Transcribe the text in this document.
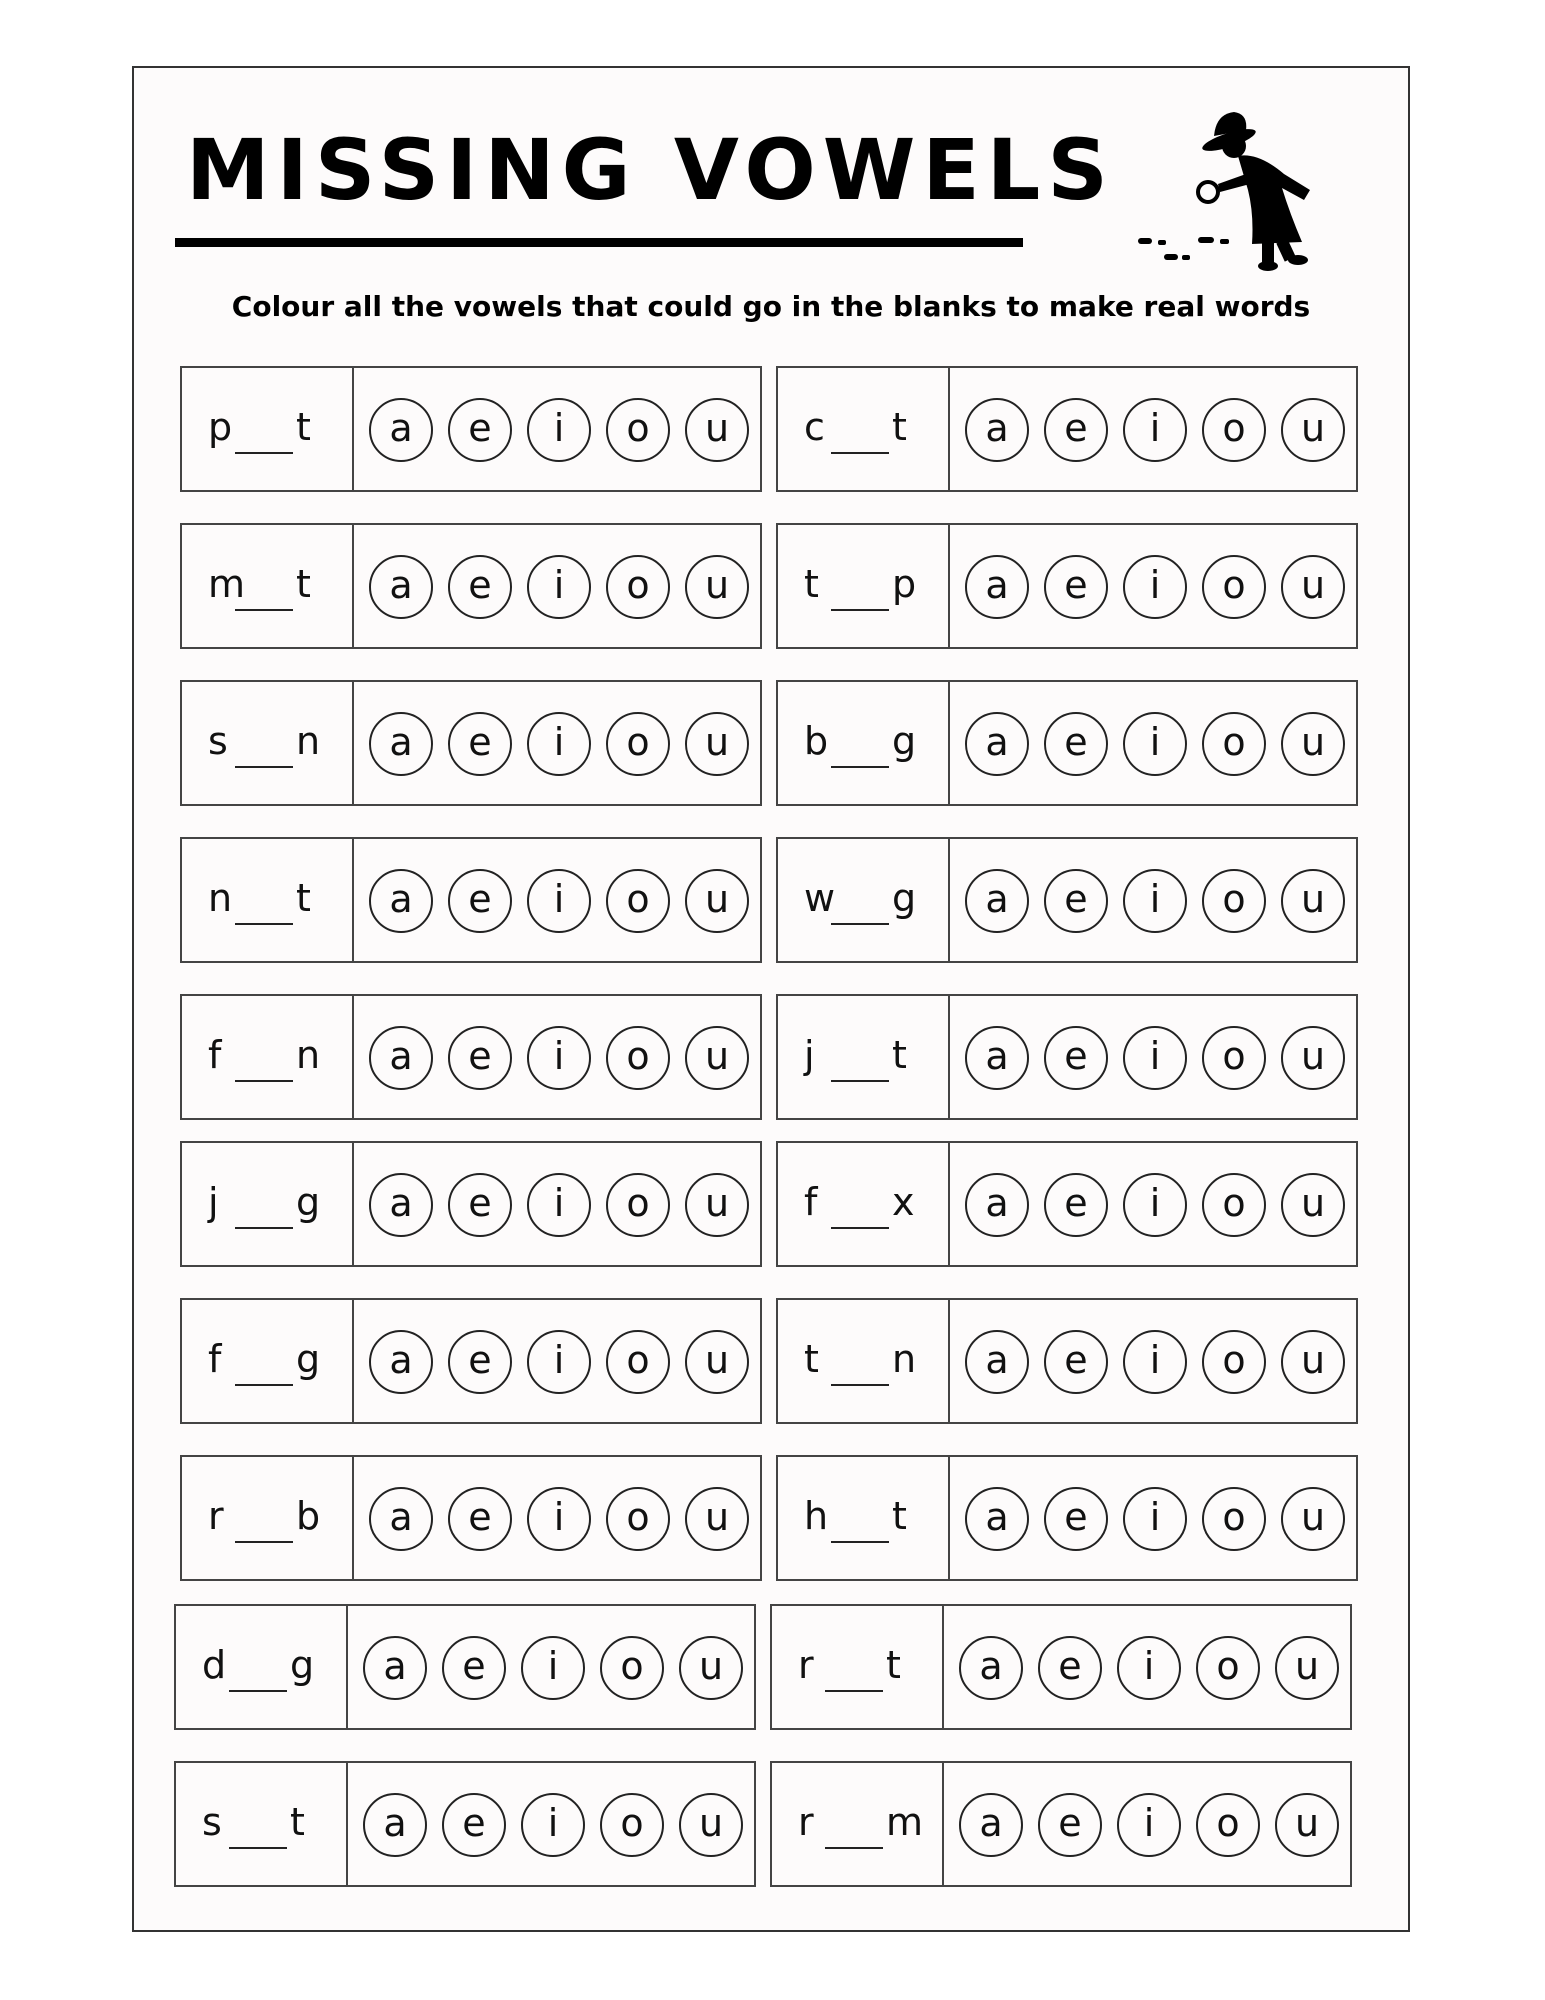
MISSING VOWELS
Colour all the vowels that could go in the blanks to make real words
p t	a	e	i	o	u	c t	a	e	i	o	u
m t	a	e	i	o	u	t p	a	e	i	o	u
s n	a	e	i	o	u	b g	a	e	i	o	u
n t	a	e	i	o	u	w g	a	e	i	o	u
f n	a	e	i	o	u	j t	a	e	i	o	u
j g	a	e	i	o	u	f x	a	e	i	o	u
f g	a	e	i	o	u	t n	a	e	i	o	u
r b	a	e	i	o	u	h t	a	e	i	o	u
d g	a	e	i	o	u	r t	a	e	i	o	u
s t	a	e	i	o	u	r m	a	e	i	o	u
